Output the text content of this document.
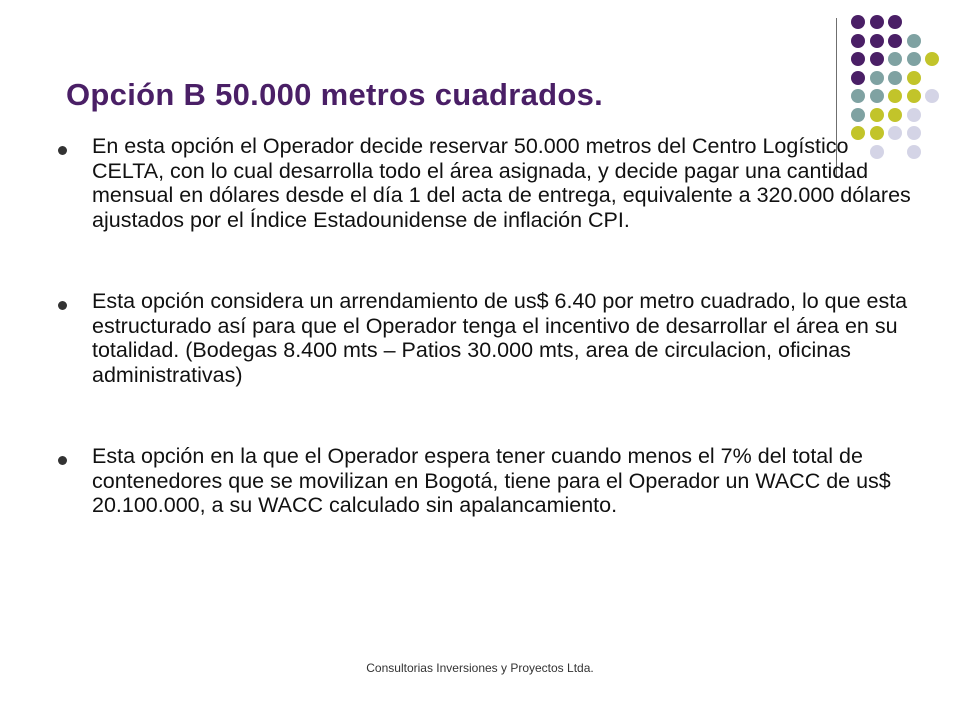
Opción B 50.000 metros cuadrados.
En esta opción el Operador decide reservar 50.000 metros del Centro Logístico CELTA, con lo cual desarrolla todo el área asignada, y decide pagar una cantidad mensual en dólares desde el día 1 del acta de entrega, equivalente a 320.000 dólares ajustados por el Índice Estadounidense de inflación CPI.
Esta opción considera un arrendamiento de us$ 6.40 por metro cuadrado, lo que esta estructurado así para que el Operador tenga el incentivo de desarrollar el área en su totalidad. (Bodegas 8.400 mts – Patios 30.000 mts, area de circulacion, oficinas administrativas)
Esta opción en la que el Operador espera tener cuando menos el 7% del total de contenedores que se movilizan en Bogotá, tiene para el Operador un WACC de us$ 20.100.000, a su WACC calculado sin apalancamiento.
Consultorias Inversiones y Proyectos Ltda.
